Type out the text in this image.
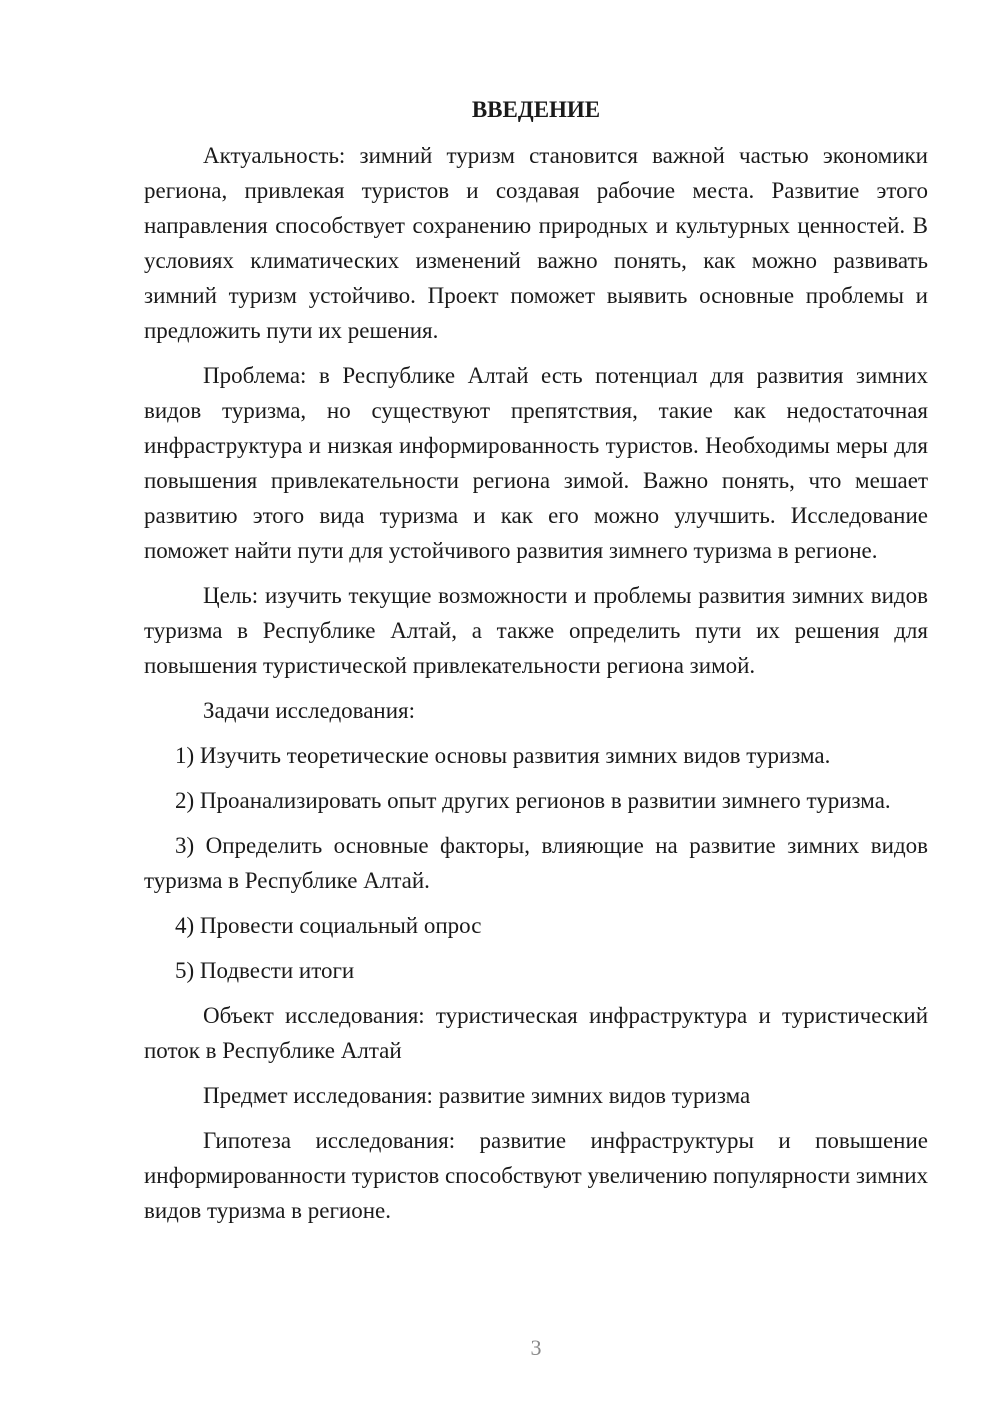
ВВЕДЕНИЕ

Актуальность: зимний туризм становится важной частью экономики региона, привлекая туристов и создавая рабочие места. Развитие этого направления способствует сохранению природных и культурных ценностей. В условиях климатических изменений важно понять, как можно развивать зимний туризм устойчиво. Проект поможет выявить основные проблемы и предложить пути их решения.

Проблема: в Республике Алтай есть потенциал для развития зимних видов туризма, но существуют препятствия, такие как недостаточная инфраструктура и низкая информированность туристов. Необходимы меры для повышения привлекательности региона зимой. Важно понять, что мешает развитию этого вида туризма и как его можно улучшить. Исследование поможет найти пути для устойчивого развития зимнего туризма в регионе.

Цель: изучить текущие возможности и проблемы развития зимних видов туризма в Республике Алтай, а также определить пути их решения для повышения туристической привлекательности региона зимой.

Задачи исследования:

1) Изучить теоретические основы развития зимних видов туризма.

2) Проанализировать опыт других регионов в развитии зимнего туризма.

3) Определить основные факторы, влияющие на развитие зимних видов туризма в Республике Алтай.

4) Провести социальный опрос

5) Подвести итоги

Объект исследования: туристическая инфраструктура и туристический поток в Республике Алтай

Предмет исследования: развитие зимних видов туризма

Гипотеза исследования: развитие инфраструктуры и повышение информированности туристов способствуют увеличению популярности зимних видов туризма в регионе.

3
